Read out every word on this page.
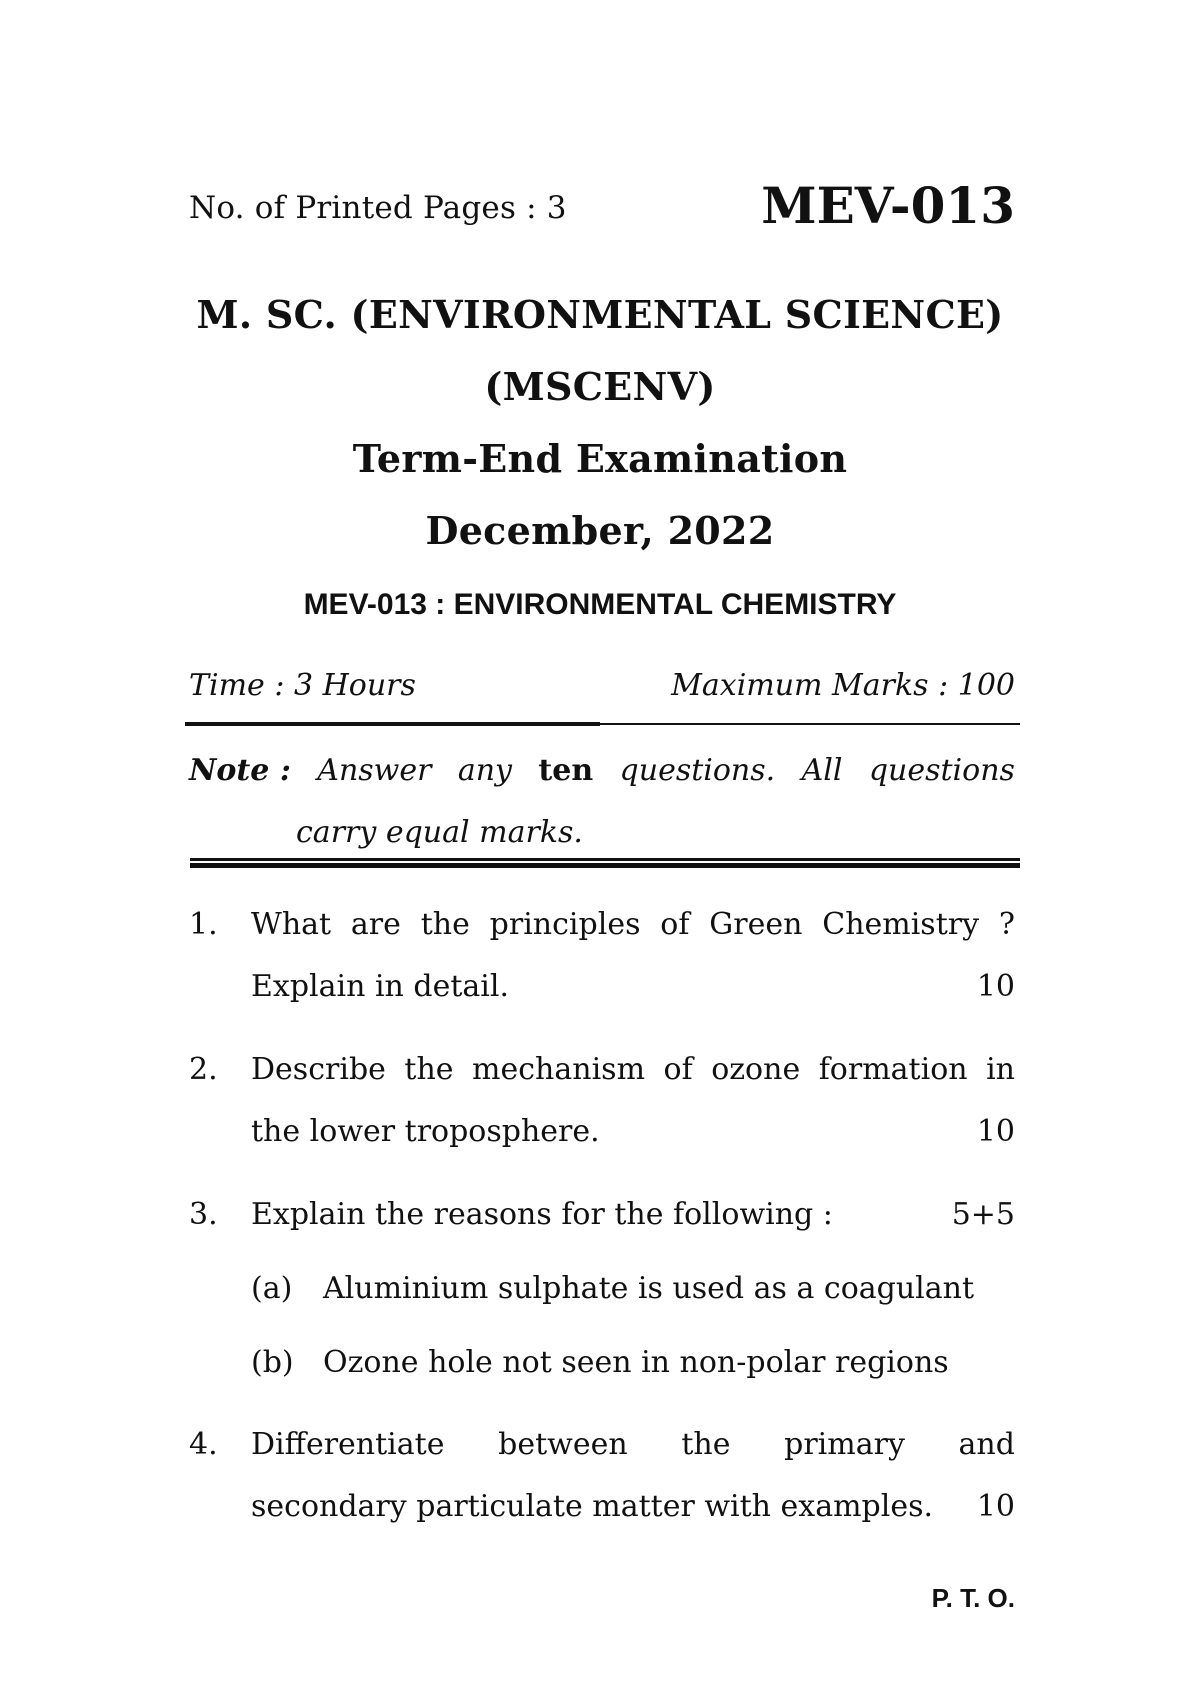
No. of Printed Pages : 3	MEV-013
M. SC. (ENVIRONMENTAL SCIENCE)
(MSCENV)
Term-End Examination
December, 2022
MEV-013 : ENVIRONMENTAL CHEMISTRY
Time : 3 Hours	Maximum Marks : 100
Note : Answer any ten questions. All questions
carry equal marks.
1. What are the principles of Green Chemistry ?
Explain in detail.	10
2. Describe the mechanism of ozone formation in
the lower troposphere.	10
3. Explain the reasons for the following :	5+5
(a) Aluminium sulphate is used as a coagulant
(b) Ozone hole not seen in non-polar regions
4. Differentiate between the primary and
secondary particulate matter with examples. 10
P. T. O.
